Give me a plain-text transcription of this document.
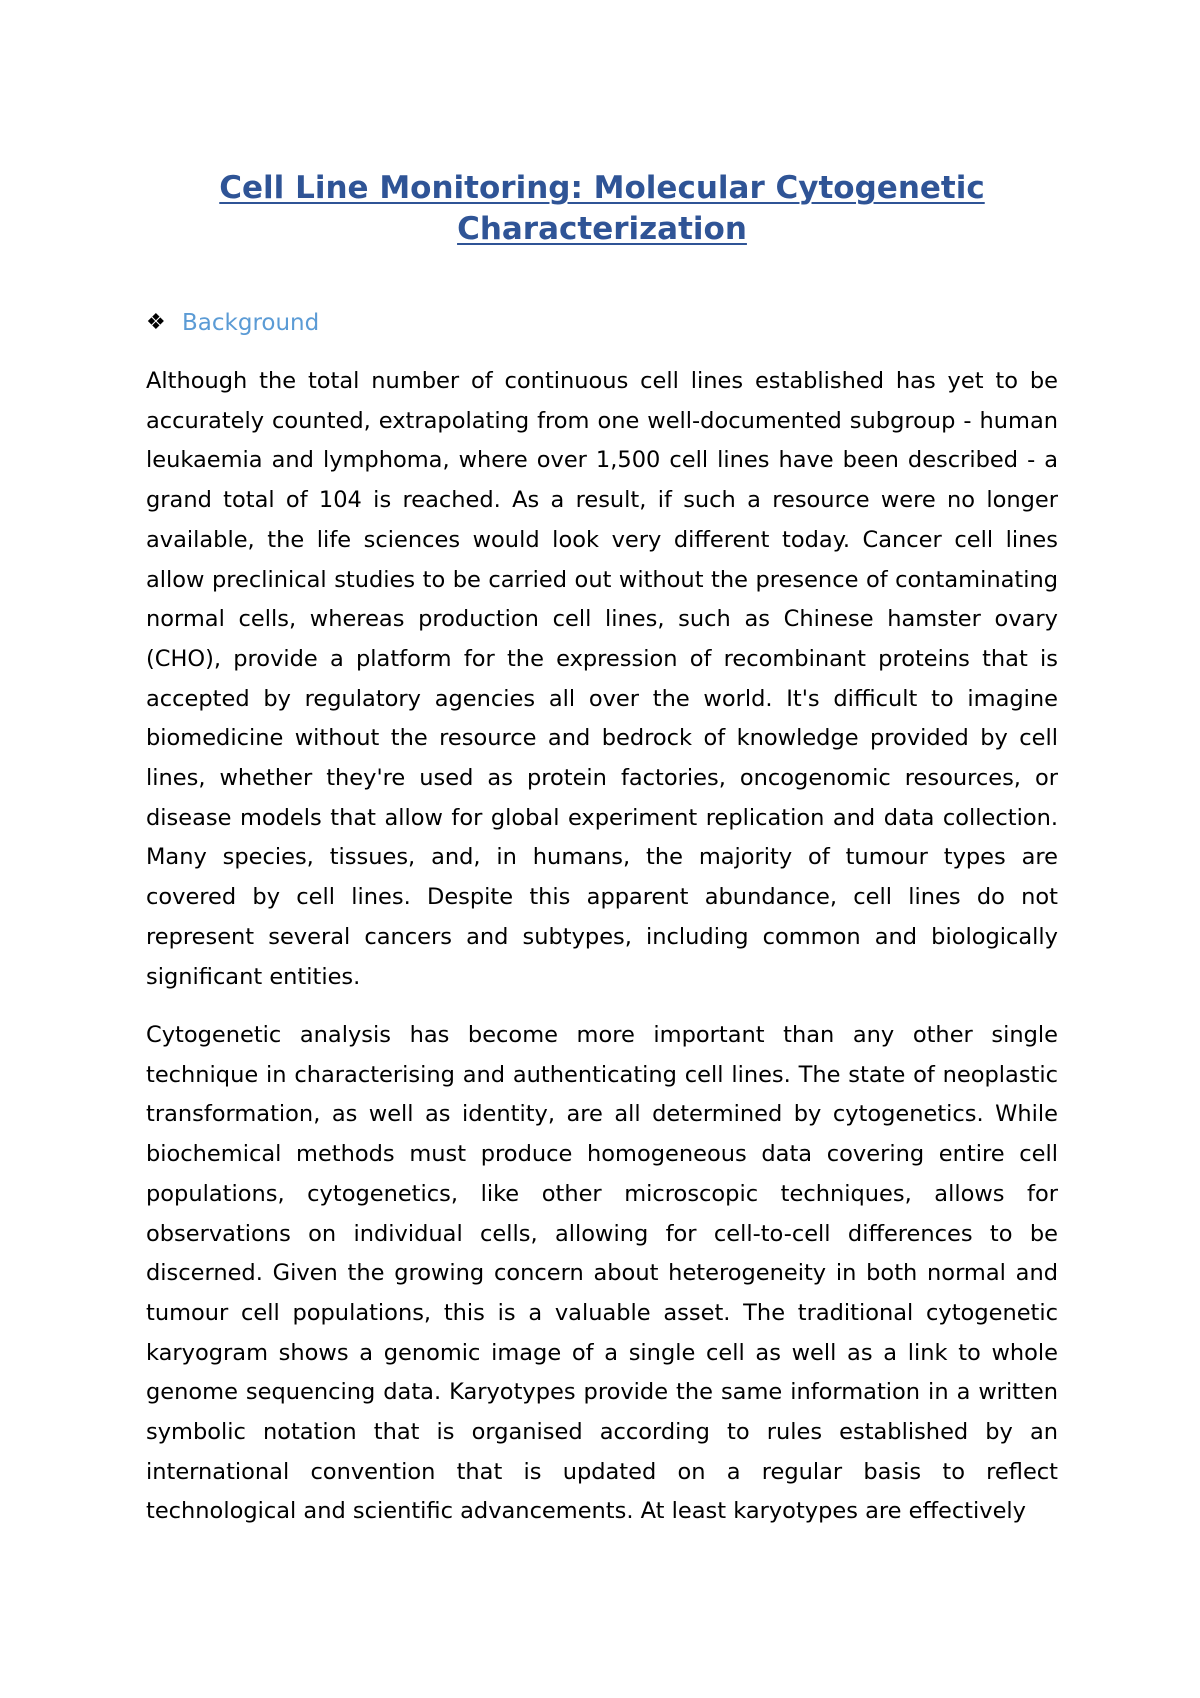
Cell Line Monitoring: Molecular Cytogenetic Characterization
❖ Background

Although the total number of continuous cell lines established has yet to be accurately counted, extrapolating from one well-documented subgroup - human leukaemia and lymphoma, where over 1,500 cell lines have been described - a grand total of 104 is reached. As a result, if such a resource were no longer available, the life sciences would look very different today. Cancer cell lines allow preclinical studies to be carried out without the presence of contaminating normal cells, whereas production cell lines, such as Chinese hamster ovary (CHO), provide a platform for the expression of recombinant proteins that is accepted by regulatory agencies all over the world. It's difficult to imagine biomedicine without the resource and bedrock of knowledge provided by cell lines, whether they're used as protein factories, oncogenomic resources, or disease models that allow for global experiment replication and data collection. Many species, tissues, and, in humans, the majority of tumour types are covered by cell lines. Despite this apparent abundance, cell lines do not represent several cancers and subtypes, including common and biologically significant entities.

Cytogenetic analysis has become more important than any other single technique in characterising and authenticating cell lines. The state of neoplastic transformation, as well as identity, are all determined by cytogenetics. While biochemical methods must produce homogeneous data covering entire cell populations, cytogenetics, like other microscopic techniques, allows for observations on individual cells, allowing for cell-to-cell differences to be discerned. Given the growing concern about heterogeneity in both normal and tumour cell populations, this is a valuable asset. The traditional cytogenetic karyogram shows a genomic image of a single cell as well as a link to whole genome sequencing data. Karyotypes provide the same information in a written symbolic notation that is organised according to rules established by an international convention that is updated on a regular basis to reflect technological and scientific advancements. At least karyotypes are effectively
